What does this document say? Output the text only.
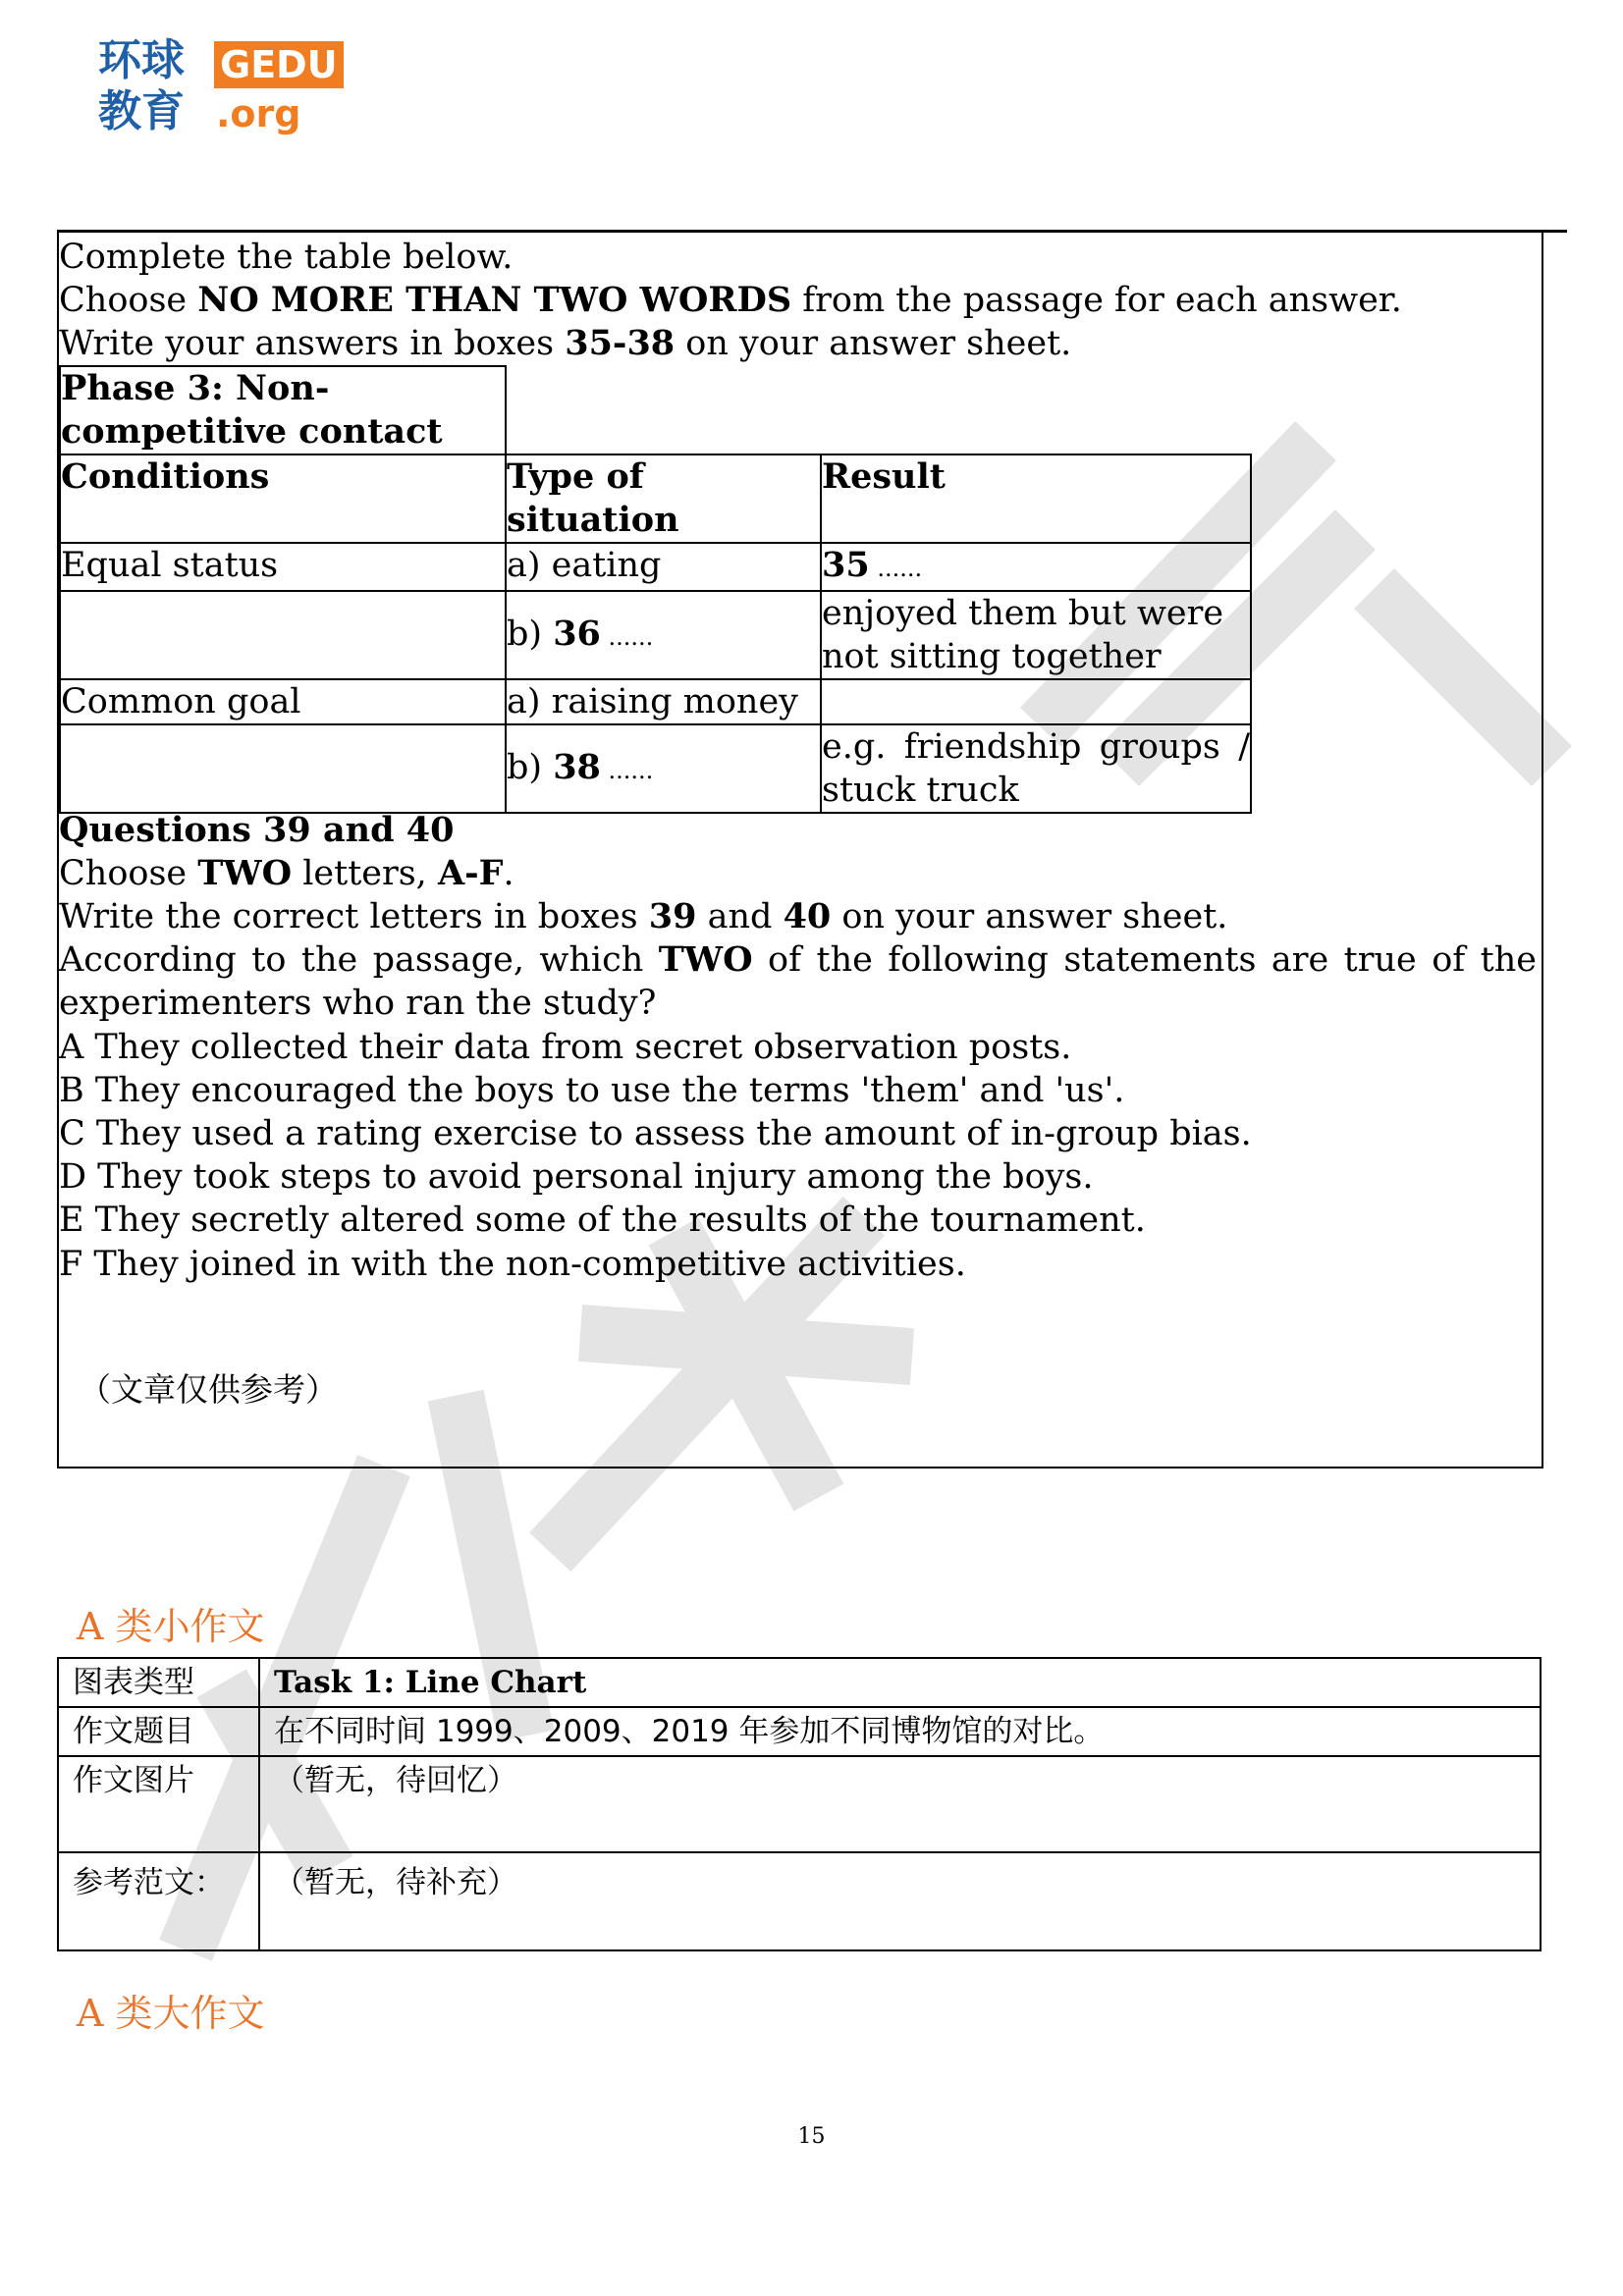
环球
教育
GEDU
.org
Complete the table below.
Choose NO MORE THAN TWO WORDS from the passage for each answer.
Write your answers in boxes 35-38 on your answer sheet.
Phase 3: Non-competitive contact		
Conditions	Type of situation	Result
Equal status	a) eating	35 ......
	b) 36 ......	enjoyed them but were not sitting together
Common goal	a) raising money	
	b) 38 ......	e.g. friendship groups / stuck truck
Questions 39 and 40
Choose TWO letters, A-F.
Write the correct letters in boxes 39 and 40 on your answer sheet.
According to the passage, which TWO of the following statements are true of the
experimenters who ran the study?
A They collected their data from secret observation posts.
B They encouraged the boys to use the terms 'them' and 'us'.
C They used a rating exercise to assess the amount of in-group bias.
D They took steps to avoid personal injury among the boys.
E They secretly altered some of the results of the tournament.
F They joined in with the non-competitive activities.
（文章仅供参考）
A 类小作文
图表类型	Task 1: Line Chart
作文题目	在不同时间 1999、2009、2019 年参加不同博物馆的对比。
作文图片	（暂无，待回忆）
参考范文：	（暂无，待补充）
A 类大作文
15
